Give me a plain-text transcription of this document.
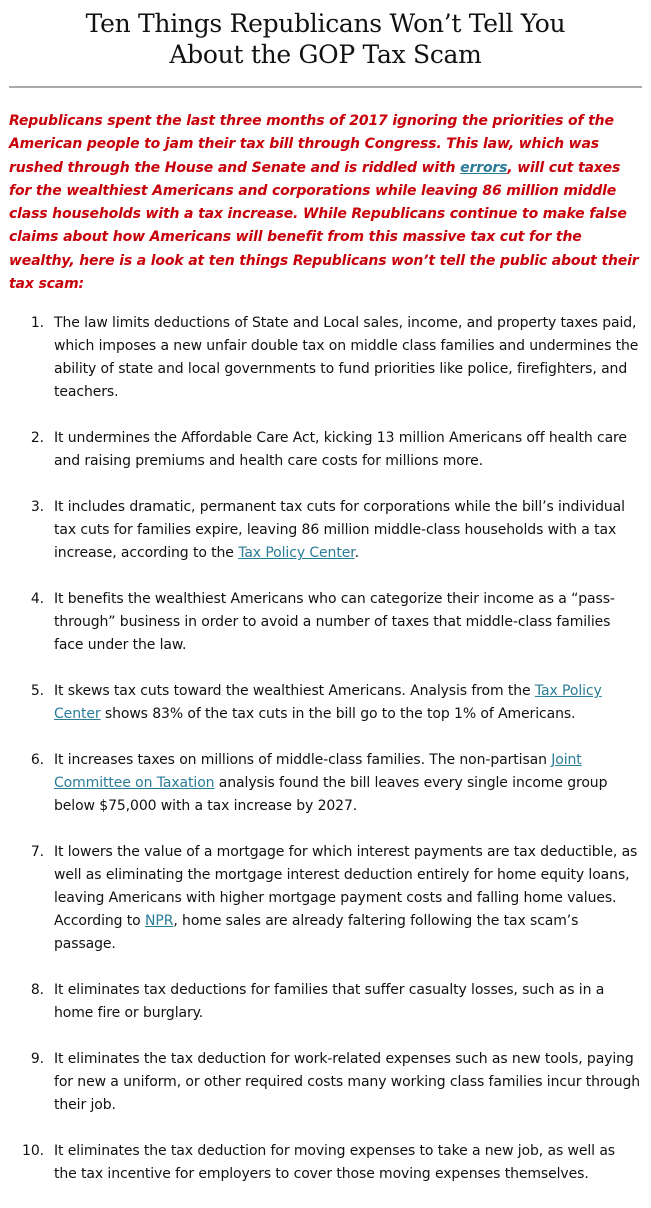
Ten Things Republicans Won’t Tell You
About the GOP Tax Scam

Republicans spent the last three months of 2017 ignoring the priorities of the American people to jam their tax bill through Congress. This law, which was rushed through the House and Senate and is riddled with errors, will cut taxes for the wealthiest Americans and corporations while leaving 86 million middle class households with a tax increase. While Republicans continue to make false claims about how Americans will benefit from this massive tax cut for the wealthy, here is a look at ten things Republicans won’t tell the public about their tax scam:

1. The law limits deductions of State and Local sales, income, and property taxes paid, which imposes a new unfair double tax on middle class families and undermines the ability of state and local governments to fund priorities like police, firefighters, and teachers.
2. It undermines the Affordable Care Act, kicking 13 million Americans off health care and raising premiums and health care costs for millions more.
3. It includes dramatic, permanent tax cuts for corporations while the bill’s individual tax cuts for families expire, leaving 86 million middle-class households with a tax increase, according to the Tax Policy Center.
4. It benefits the wealthiest Americans who can categorize their income as a “pass-through” business in order to avoid a number of taxes that middle-class families face under the law.
5. It skews tax cuts toward the wealthiest Americans. Analysis from the Tax Policy Center shows 83% of the tax cuts in the bill go to the top 1% of Americans.
6. It increases taxes on millions of middle-class families. The non-partisan Joint Committee on Taxation analysis found the bill leaves every single income group below $75,000 with a tax increase by 2027.
7. It lowers the value of a mortgage for which interest payments are tax deductible, as well as eliminating the mortgage interest deduction entirely for home equity loans, leaving Americans with higher mortgage payment costs and falling home values. According to NPR, home sales are already faltering following the tax scam’s passage.
8. It eliminates tax deductions for families that suffer casualty losses, such as in a home fire or burglary.
9. It eliminates the tax deduction for work-related expenses such as new tools, paying for new a uniform, or other required costs many working class families incur through their job.
10. It eliminates the tax deduction for moving expenses to take a new job, as well as the tax incentive for employers to cover those moving expenses themselves.
